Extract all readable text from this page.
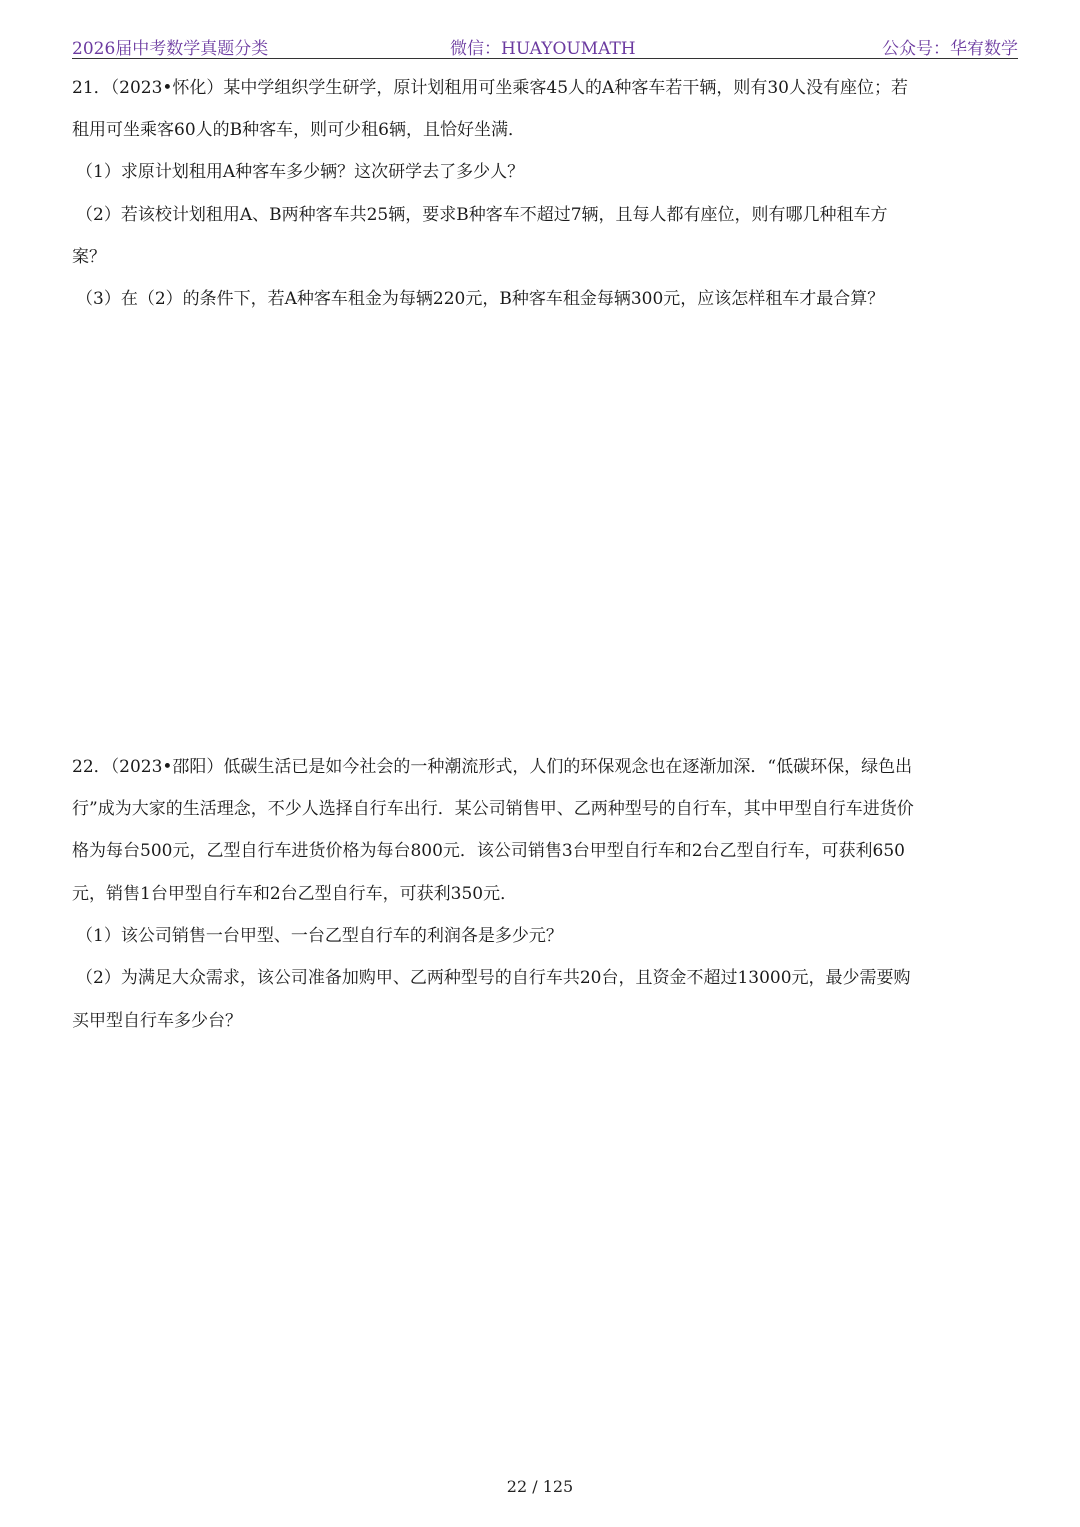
2026届中考数学真题分类	微信：HUAYOUMATH	公众号：华宥数学
21．（2023•怀化）某中学组织学生研学，原计划租用可坐乘客45人的A种客车若干辆，则有30人没有座位；若
租用可坐乘客60人的B种客车，则可少租6辆，且恰好坐满．
（1）求原计划租用A种客车多少辆？这次研学去了多少人？
（2）若该校计划租用A、B两种客车共25辆，要求B种客车不超过7辆，且每人都有座位，则有哪几种租车方
案？
（3）在（2）的条件下，若A种客车租金为每辆220元，B种客车租金每辆300元，应该怎样租车才最合算？
22．（2023•邵阳）低碳生活已是如今社会的一种潮流形式，人们的环保观念也在逐渐加深．“低碳环保，绿色出
行”成为大家的生活理念，不少人选择自行车出行．某公司销售甲、乙两种型号的自行车，其中甲型自行车进货价
格为每台500元，乙型自行车进货价格为每台800元．该公司销售3台甲型自行车和2台乙型自行车，可获利650
元，销售1台甲型自行车和2台乙型自行车，可获利350元．
（1）该公司销售一台甲型、一台乙型自行车的利润各是多少元？
（2）为满足大众需求，该公司准备加购甲、乙两种型号的自行车共20台，且资金不超过13000元，最少需要购
买甲型自行车多少台？
22 / 125
